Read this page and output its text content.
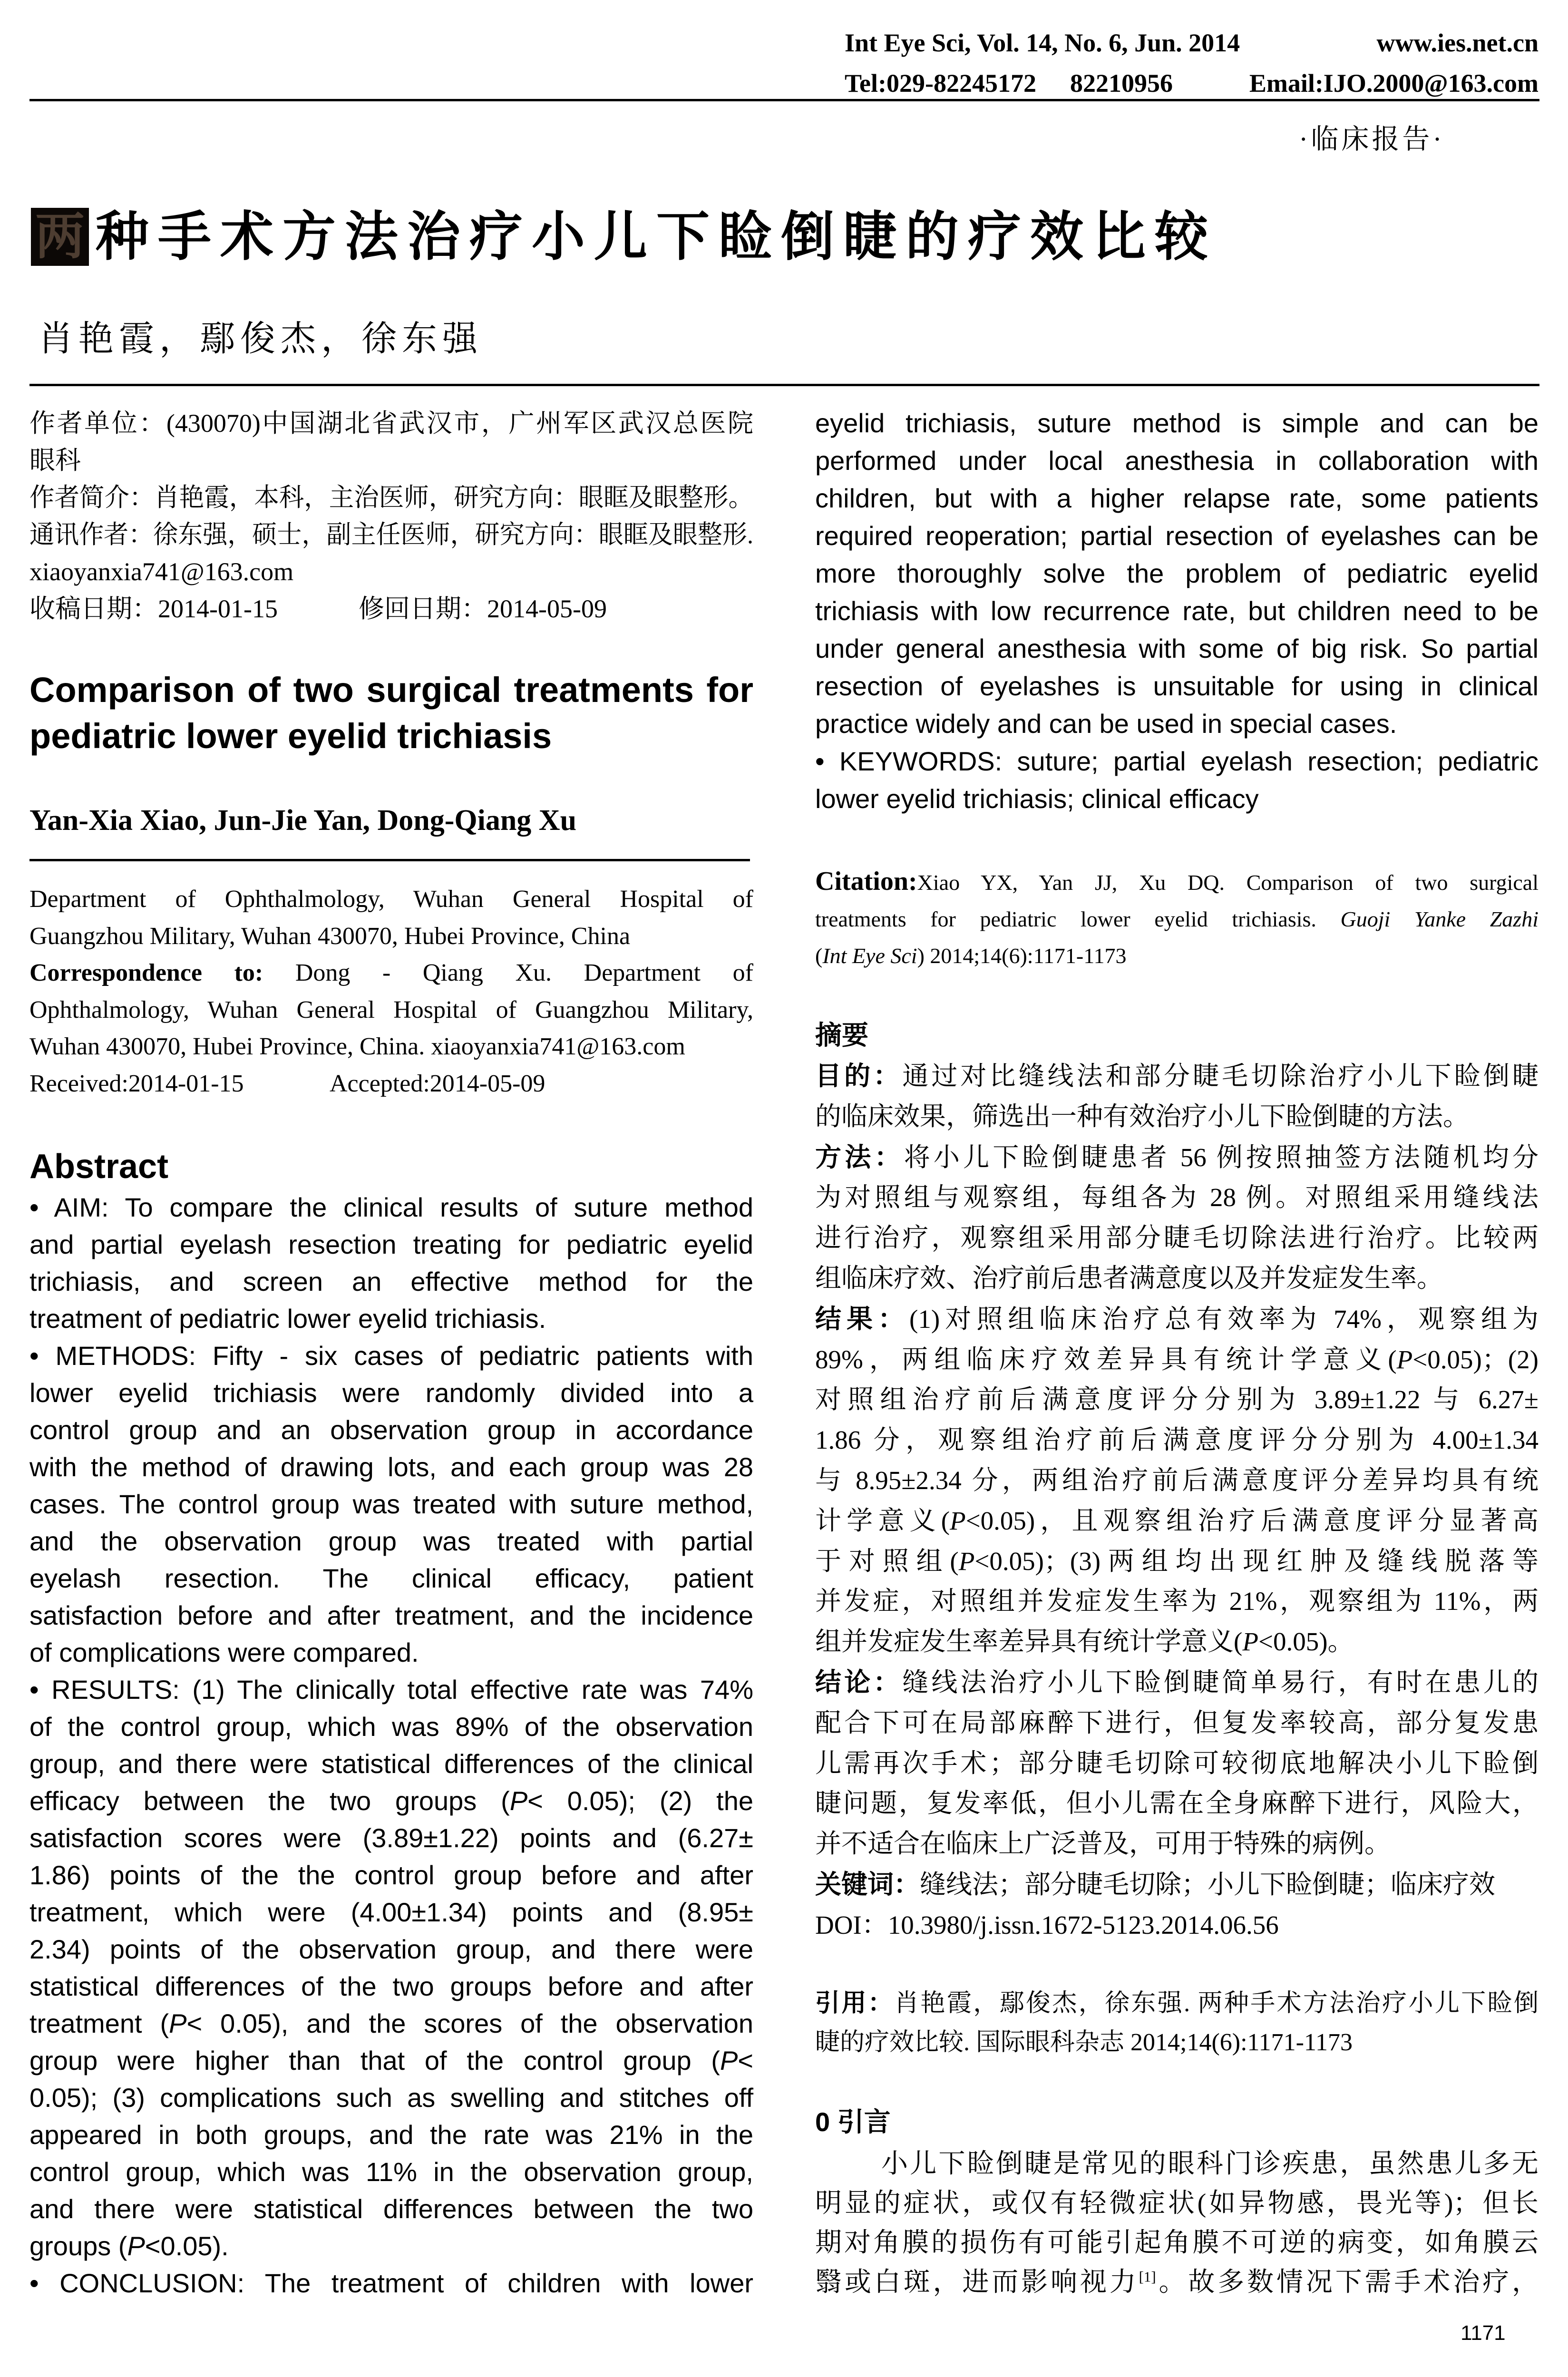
Int Eye Sci, Vol. 14, No. 6, Jun. 2014	www.ies.net.cn
Tel:029-82245172 82210956	Email:IJO.2000@163.com
·临床报告·
两 种手术方法治疗小儿下睑倒睫的疗效比较
肖艳霞，鄢俊杰，徐东强
作者单位：(430070)中国湖北省武汉市，广州军区武汉总医院
眼科
作者简介：肖艳霞，本科，主治医师，研究方向：眼眶及眼整形。
通讯作者：徐东强，硕士，副主任医师，研究方向：眼眶及眼整形.
xiaoyanxia741@163.com
收稿日期：2014-01-15	修回日期：2014-05-09
Comparison of two surgical treatments for
pediatric lower eyelid trichiasis
Yan-Xia Xiao, Jun-Jie Yan, Dong-Qiang Xu
Department of Ophthalmology, Wuhan General Hospital of
Guangzhou Military, Wuhan 430070, Hubei Province, China
Correspondence to: Dong - Qiang Xu. Department of
Ophthalmology, Wuhan General Hospital of Guangzhou Military,
Wuhan 430070, Hubei Province, China. xiaoyanxia741@163.com
Received:2014-01-15	Accepted:2014-05-09
Abstract
• AIM: To compare the clinical results of suture method
and partial eyelash resection treating for pediatric eyelid
trichiasis, and screen an effective method for the
treatment of pediatric lower eyelid trichiasis.
• METHODS: Fifty - six cases of pediatric patients with
lower eyelid trichiasis were randomly divided into a
control group and an observation group in accordance
with the method of drawing lots, and each group was 28
cases. The control group was treated with suture method,
and the observation group was treated with partial
eyelash resection. The clinical efficacy, patient
satisfaction before and after treatment, and the incidence
of complications were compared.
• RESULTS: (1) The clinically total effective rate was 74%
of the control group, which was 89% of the observation
group, and there were statistical differences of the clinical
efficacy between the two groups (P< 0.05); (2) the
satisfaction scores were (3.89±1.22) points and (6.27±
1.86) points of the the control group before and after
treatment, which were (4.00±1.34) points and (8.95±
2.34) points of the observation group, and there were
statistical differences of the two groups before and after
treatment (P< 0.05), and the scores of the observation
group were higher than that of the control group (P<
0.05); (3) complications such as swelling and stitches off
appeared in both groups, and the rate was 21% in the
control group, which was 11% in the observation group,
and there were statistical differences between the two
groups (P<0.05).
• CONCLUSION: The treatment of children with lower
eyelid trichiasis, suture method is simple and can be
performed under local anesthesia in collaboration with
children, but with a higher relapse rate, some patients
required reoperation; partial resection of eyelashes can be
more thoroughly solve the problem of pediatric eyelid
trichiasis with low recurrence rate, but children need to be
under general anesthesia with some of big risk. So partial
resection of eyelashes is unsuitable for using in clinical
practice widely and can be used in special cases.
• KEYWORDS: suture; partial eyelash resection; pediatric
lower eyelid trichiasis; clinical efficacy
Citation:Xiao YX, Yan JJ, Xu DQ. Comparison of two surgical
treatments for pediatric lower eyelid trichiasis. Guoji Yanke Zazhi
(Int Eye Sci) 2014;14(6):1171-1173
摘要
目的：通过对比缝线法和部分睫毛切除治疗小儿下睑倒睫
的临床效果，筛选出一种有效治疗小儿下睑倒睫的方法。
方法：将小儿下睑倒睫患者 56 例按照抽签方法随机均分
为对照组与观察组，每组各为 28 例。对照组采用缝线法
进行治疗，观察组采用部分睫毛切除法进行治疗。比较两
组临床疗效、治疗前后患者满意度以及并发症发生率。
结果：(1)对照组临床治疗总有效率为 74%，观察组为
89%，两组临床疗效差异具有统计学意义(P<0.05)；(2)
对照组治疗前后满意度评分分别为 3.89±1.22 与 6.27±
1.86 分，观察组治疗前后满意度评分分别为 4.00±1.34
与 8.95±2.34 分，两组治疗前后满意度评分差异均具有统
计学意义(P<0.05)，且观察组治疗后满意度评分显著高
于对照组(P<0.05)；(3)两组均出现红肿及缝线脱落等
并发症，对照组并发症发生率为 21%，观察组为 11%，两
组并发症发生率差异具有统计学意义(P<0.05)。
结论：缝线法治疗小儿下睑倒睫简单易行，有时在患儿的
配合下可在局部麻醉下进行，但复发率较高，部分复发患
儿需再次手术；部分睫毛切除可较彻底地解决小儿下睑倒
睫问题，复发率低，但小儿需在全身麻醉下进行，风险大，
并不适合在临床上广泛普及，可用于特殊的病例。
关键词：缝线法；部分睫毛切除；小儿下睑倒睫；临床疗效
DOI：10.3980/j.issn.1672-5123.2014.06.56
引用：肖艳霞，鄢俊杰，徐东强. 两种手术方法治疗小儿下睑倒
睫的疗效比较. 国际眼科杂志 2014;14(6):1171-1173
0 引言
小儿下睑倒睫是常见的眼科门诊疾患，虽然患儿多无
明显的症状，或仅有轻微症状(如异物感，畏光等)；但长
期对角膜的损伤有可能引起角膜不可逆的病变，如角膜云
翳或白斑，进而影响视力[1]。故多数情况下需手术治疗，
1171
